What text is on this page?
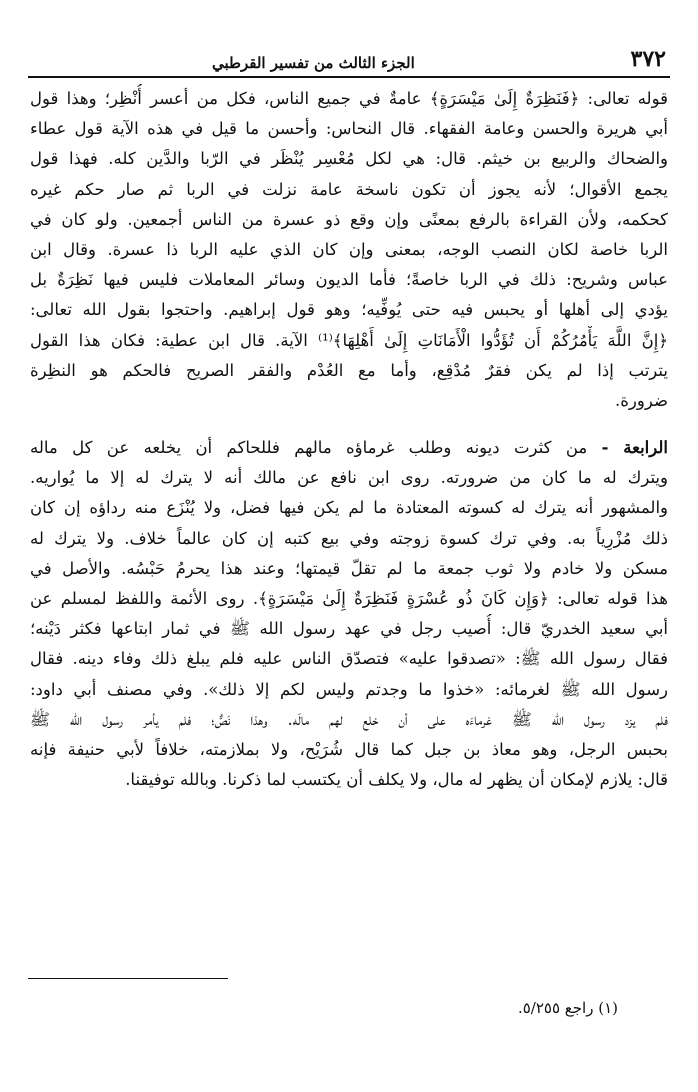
٣٧٢
الجزء الثالث من تفسير القرطبي
قوله تعالى: ﴿فَنَظِرَةٌ إِلَىٰ مَيْسَرَةٍ﴾ عامةٌ في جميع الناس، فكل من أعسر أُنْظِر؛ وهذا قول
أبي هريرة والحسن وعامة الفقهاء. قال النحاس: وأحسن ما قيل في هذه الآية قول عطاء
والضحاك والربيع بن خيثم. قال: هي لكل مُعْسِر يُنْظَر في الرّبا والدَّين كله. فهذا قول
يجمع الأقوال؛ لأنه يجوز أن تكون ناسخة عامة نزلت في الربا ثم صار حكم غيره
كحكمه، ولأن القراءة بالرفع بمعنًى وإن وقع ذو عسرة من الناس أجمعين. ولو كان في
الربا خاصة لكان النصب الوجه، بمعنى وإن كان الذي عليه الربا ذا عسرة. وقال ابن
عباس وشريح: ذلك في الربا خاصةً؛ فأما الديون وسائر المعاملات فليس فيها نَظِرَةٌ بل
يؤدي إلى أهلها أو يحبس فيه حتى يُوفِّيه؛ وهو قول إبراهيم. واحتجوا بقول الله تعالى:
﴿إِنَّ اللَّهَ يَأْمُرُكُمْ أَن تُؤَدُّوا الْأَمَانَاتِ إِلَىٰ أَهْلِهَا﴾⁽¹⁾ الآية. قال ابن عطية: فكان هذا القول
يترتب إذا لم يكن فقرٌ مُدْقِع، وأما مع العُدْم والفقر الصريح فالحكم هو النظِرة
ضرورة.
الرابعة - من كثرت ديونه وطلب غرماؤه مالهم فللحاكم أن يخلعه عن كل ماله
ويترك له ما كان من ضرورته. روى ابن نافع عن مالك أنه لا يترك له إلا ما يُواريه.
والمشهور أنه يترك له كسوته المعتادة ما لم يكن فيها فضل، ولا يُنْزَع منه رداؤه إن كان
ذلك مُزْرِياً به. وفي ترك كسوة زوجته وفي بيع كتبه إن كان عالماً خلاف. ولا يترك له
مسكن ولا خادم ولا ثوب جمعة ما لم تقلّ قيمتها؛ وعند هذا يحرمُ حَبْسُه. والأصل في
هذا قوله تعالى: ﴿وَإِن كَانَ ذُو عُسْرَةٍ فَنَظِرَةٌ إِلَىٰ مَيْسَرَةٍ﴾. روى الأئمة واللفظ لمسلم عن
أبي سعيد الخدريّ قال: أُصيب رجل في عهد رسول الله ﷺ في ثمار ابتاعها فكثر دَيْنه؛
فقال رسول الله ﷺ: «تصدقوا عليه» فتصدّق الناس عليه فلم يبلغ ذلك وفاء دينه. فقال
رسول الله ﷺ لغرمائه: «خذوا ما وجدتم وليس لكم إلا ذلك». وفي مصنف أبي داود:
فلم يزد رسول الله ﷺ غرماءَه على أن خلع لهم مالَه. وهذا نَصٌّ؛ فلم يأمر رسول الله ﷺ
بحبس الرجل، وهو معاذ بن جبل كما قال شُرَيْح، ولا بملازمته، خلافاً لأبي حنيفة فإنه
قال: يلازم لإمكان أن يظهر له مال، ولا يكلف أن يكتسب لما ذكرنا. وبالله توفيقنا.
(١) راجع ٥/٢٥٥.
